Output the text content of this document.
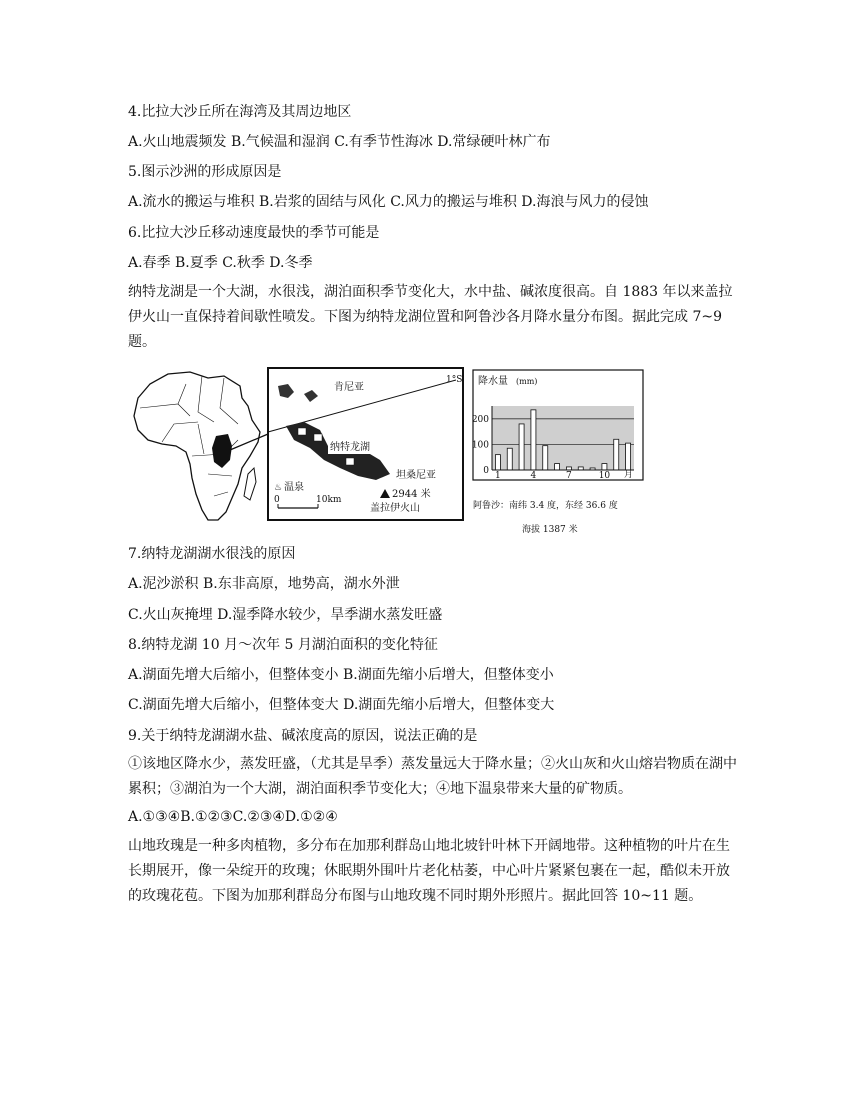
4.比拉大沙丘所在海湾及其周边地区
A.火山地震频发 B.气候温和湿润 C.有季节性海冰 D.常绿硬叶林广布
5.图示沙洲的形成原因是
A.流水的搬运与堆积 B.岩浆的固结与风化 C.风力的搬运与堆积 D.海浪与风力的侵蚀
6.比拉大沙丘移动速度最快的季节可能是
A.春季 B.夏季 C.秋季 D.冬季
纳特龙湖是一个大湖，水很浅，湖泊面积季节变化大，水中盐、碱浓度很高。自 1883 年以来盖拉伊火山一直保持着间歇性喷发。下图为纳特龙湖位置和阿鲁沙各月降水量分布图。据此完成 7~9 题。
1°S
肯尼亚
纳特龙湖
坦桑尼亚
♨ 温泉
0	10km	2944 米
盖拉伊火山
降水量 (mm)
0
100
200
1	4	7	10 月
阿鲁沙：南纬 3.4 度，东经 36.6 度
海拔 1387 米
7.纳特龙湖湖水很浅的原因
A.泥沙淤积 B.东非高原，地势高，湖水外泄
C.火山灰掩埋 D.湿季降水较少，旱季湖水蒸发旺盛
8.纳特龙湖 10 月～次年 5 月湖泊面积的变化特征
A.湖面先增大后缩小，但整体变小 B.湖面先缩小后增大，但整体变小
C.湖面先增大后缩小，但整体变大 D.湖面先缩小后增大，但整体变大
9.关于纳特龙湖湖水盐、碱浓度高的原因，说法正确的是
①该地区降水少，蒸发旺盛，（尤其是旱季）蒸发量远大于降水量；②火山灰和火山熔岩物质在湖中累积；③湖泊为一个大湖，湖泊面积季节变化大；④地下温泉带来大量的矿物质。
A.①③④B.①②③C.②③④D.①②④
山地玫瑰是一种多肉植物，多分布在加那利群岛山地北坡针叶林下开阔地带。这种植物的叶片在生长期展开，像一朵绽开的玫瑰；休眠期外围叶片老化枯萎，中心叶片紧紧包裹在一起，酷似未开放的玫瑰花苞。下图为加那利群岛分布图与山地玫瑰不同时期外形照片。据此回答 10~11 题。
